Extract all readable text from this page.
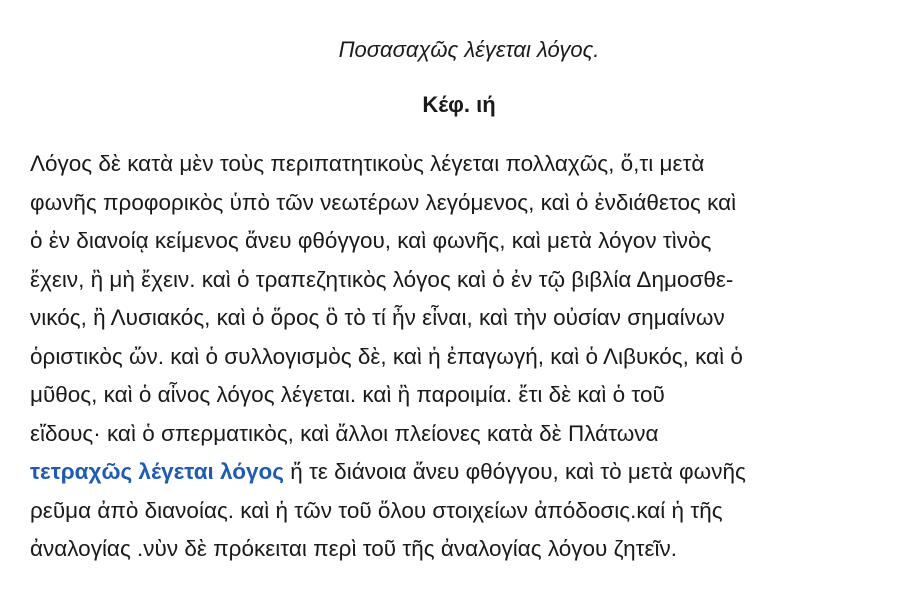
Ποσασαχῶς λέγεται λόγος.
Κέφ. ιή
Λόγος δὲ κατὰ μὲν τοὺς περιπατητικοὺς λέγεται πολλαχῶς, ὅ,τι μετὰ
φωνῆς προφορικὸς ὑπὸ τῶν νεωτέρων λεγόμενος, καὶ ὁ ἐνδιάθετος καὶ
ὁ ἐν διανοίᾳ κείμενος ἄνευ φθόγγου, καὶ φωνῆς, καὶ μετὰ λόγον τὶνὸς
ἔχειν, ἢ μὴ ἔχειν. καὶ ὁ τραπεζητικὸς λόγος καὶ ὁ ἐν τῷ βιβλία Δημοσθε-
νικός, ἢ Λυσιακός, καὶ ὁ ὅρος ὃ τὸ τί ἦν εἶναι, καὶ τὴν οὐσίαν σημαίνων
ὁριστικὸς ὤν. καὶ ὁ συλλογισμὸς δὲ, καὶ ἡ ἐπαγωγή, καὶ ὁ Λιβυκός, καὶ ὁ
μῦθος, καὶ ὁ αἶνος λόγος λέγεται. καὶ ἢ παροιμία. ἔτι δὲ καὶ ὁ τοῦ
εἴδους· καὶ ὁ σπερματικὸς, καὶ ἄλλοι πλείονες κατὰ δὲ Πλάτωνα
τετραχῶς λέγεται λόγος ἤ τε διάνοια ἄνευ φθόγγου, καὶ τὸ μετὰ φωνῆς
ρεῦμα ἀπὸ διανοίας. καὶ ἡ τῶν τοῦ ὅλου στοιχείων ἀπόδοσις.καί ἡ τῆς
ἀναλογίας .νὺν δὲ πρόκειται περὶ τοῦ τῆς ἀναλογίας λόγου ζητεῖν.
